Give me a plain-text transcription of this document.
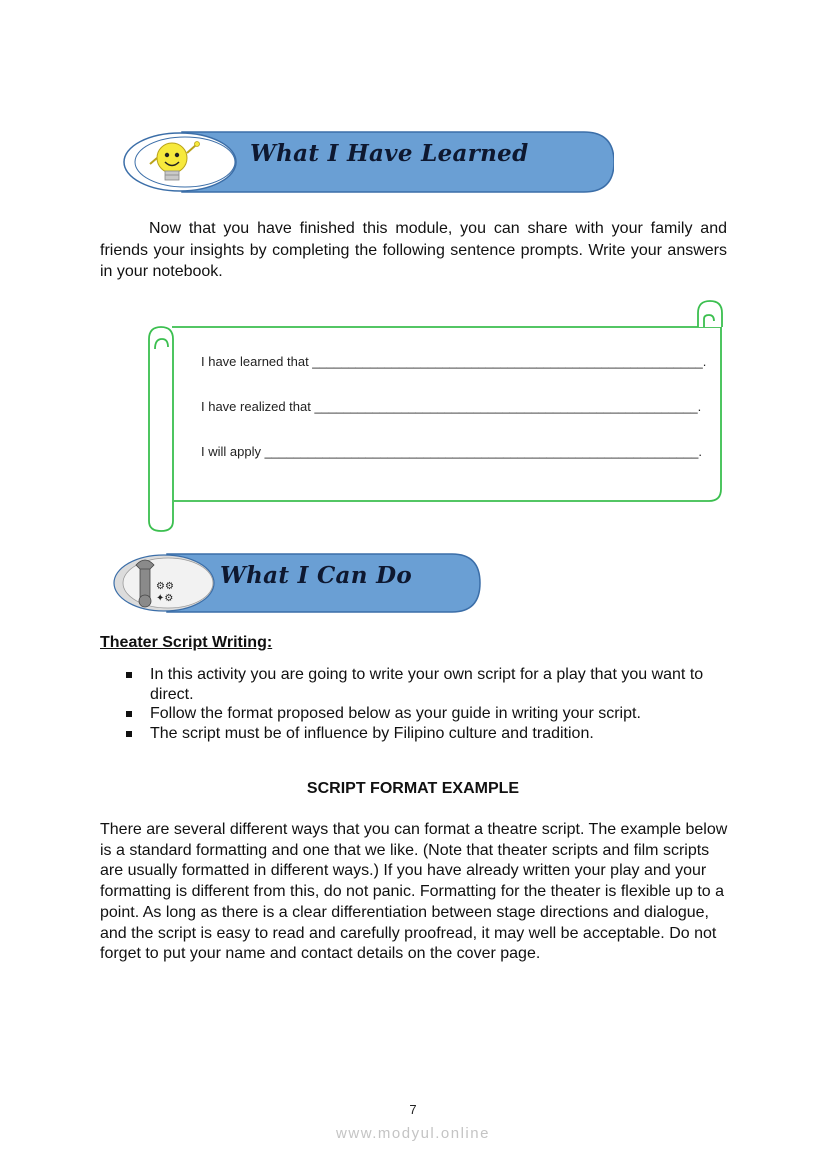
What I Have Learned

Now that you have finished this module, you can share with your family and friends your insights by completing the following sentence prompts. Write your answers in your notebook.

I have learned that ______________________________________________________.
I have realized that _____________________________________________________.
I will apply ____________________________________________________________.
⚙⚙
✦⚙
What I Can Do
Theater Script Writing:
In this activity you are going to write your own script for a play that you want to direct.
Follow the format proposed below as your guide in writing your script.
The script must be of influence by Filipino culture and tradition.
SCRIPT FORMAT EXAMPLE

There are several different ways that you can format a theatre script. The example below is a standard formatting and one that we like. (Note that theater scripts and film scripts are usually formatted in different ways.) If you have already written your play and your formatting is different from this, do not panic. Formatting for the theater is flexible up to a point. As long as there is a clear differentiation between stage directions and dialogue, and the script is easy to read and carefully proofread, it may well be acceptable. Do not forget to put your name and contact details on the cover page.

7
www.modyul.online
